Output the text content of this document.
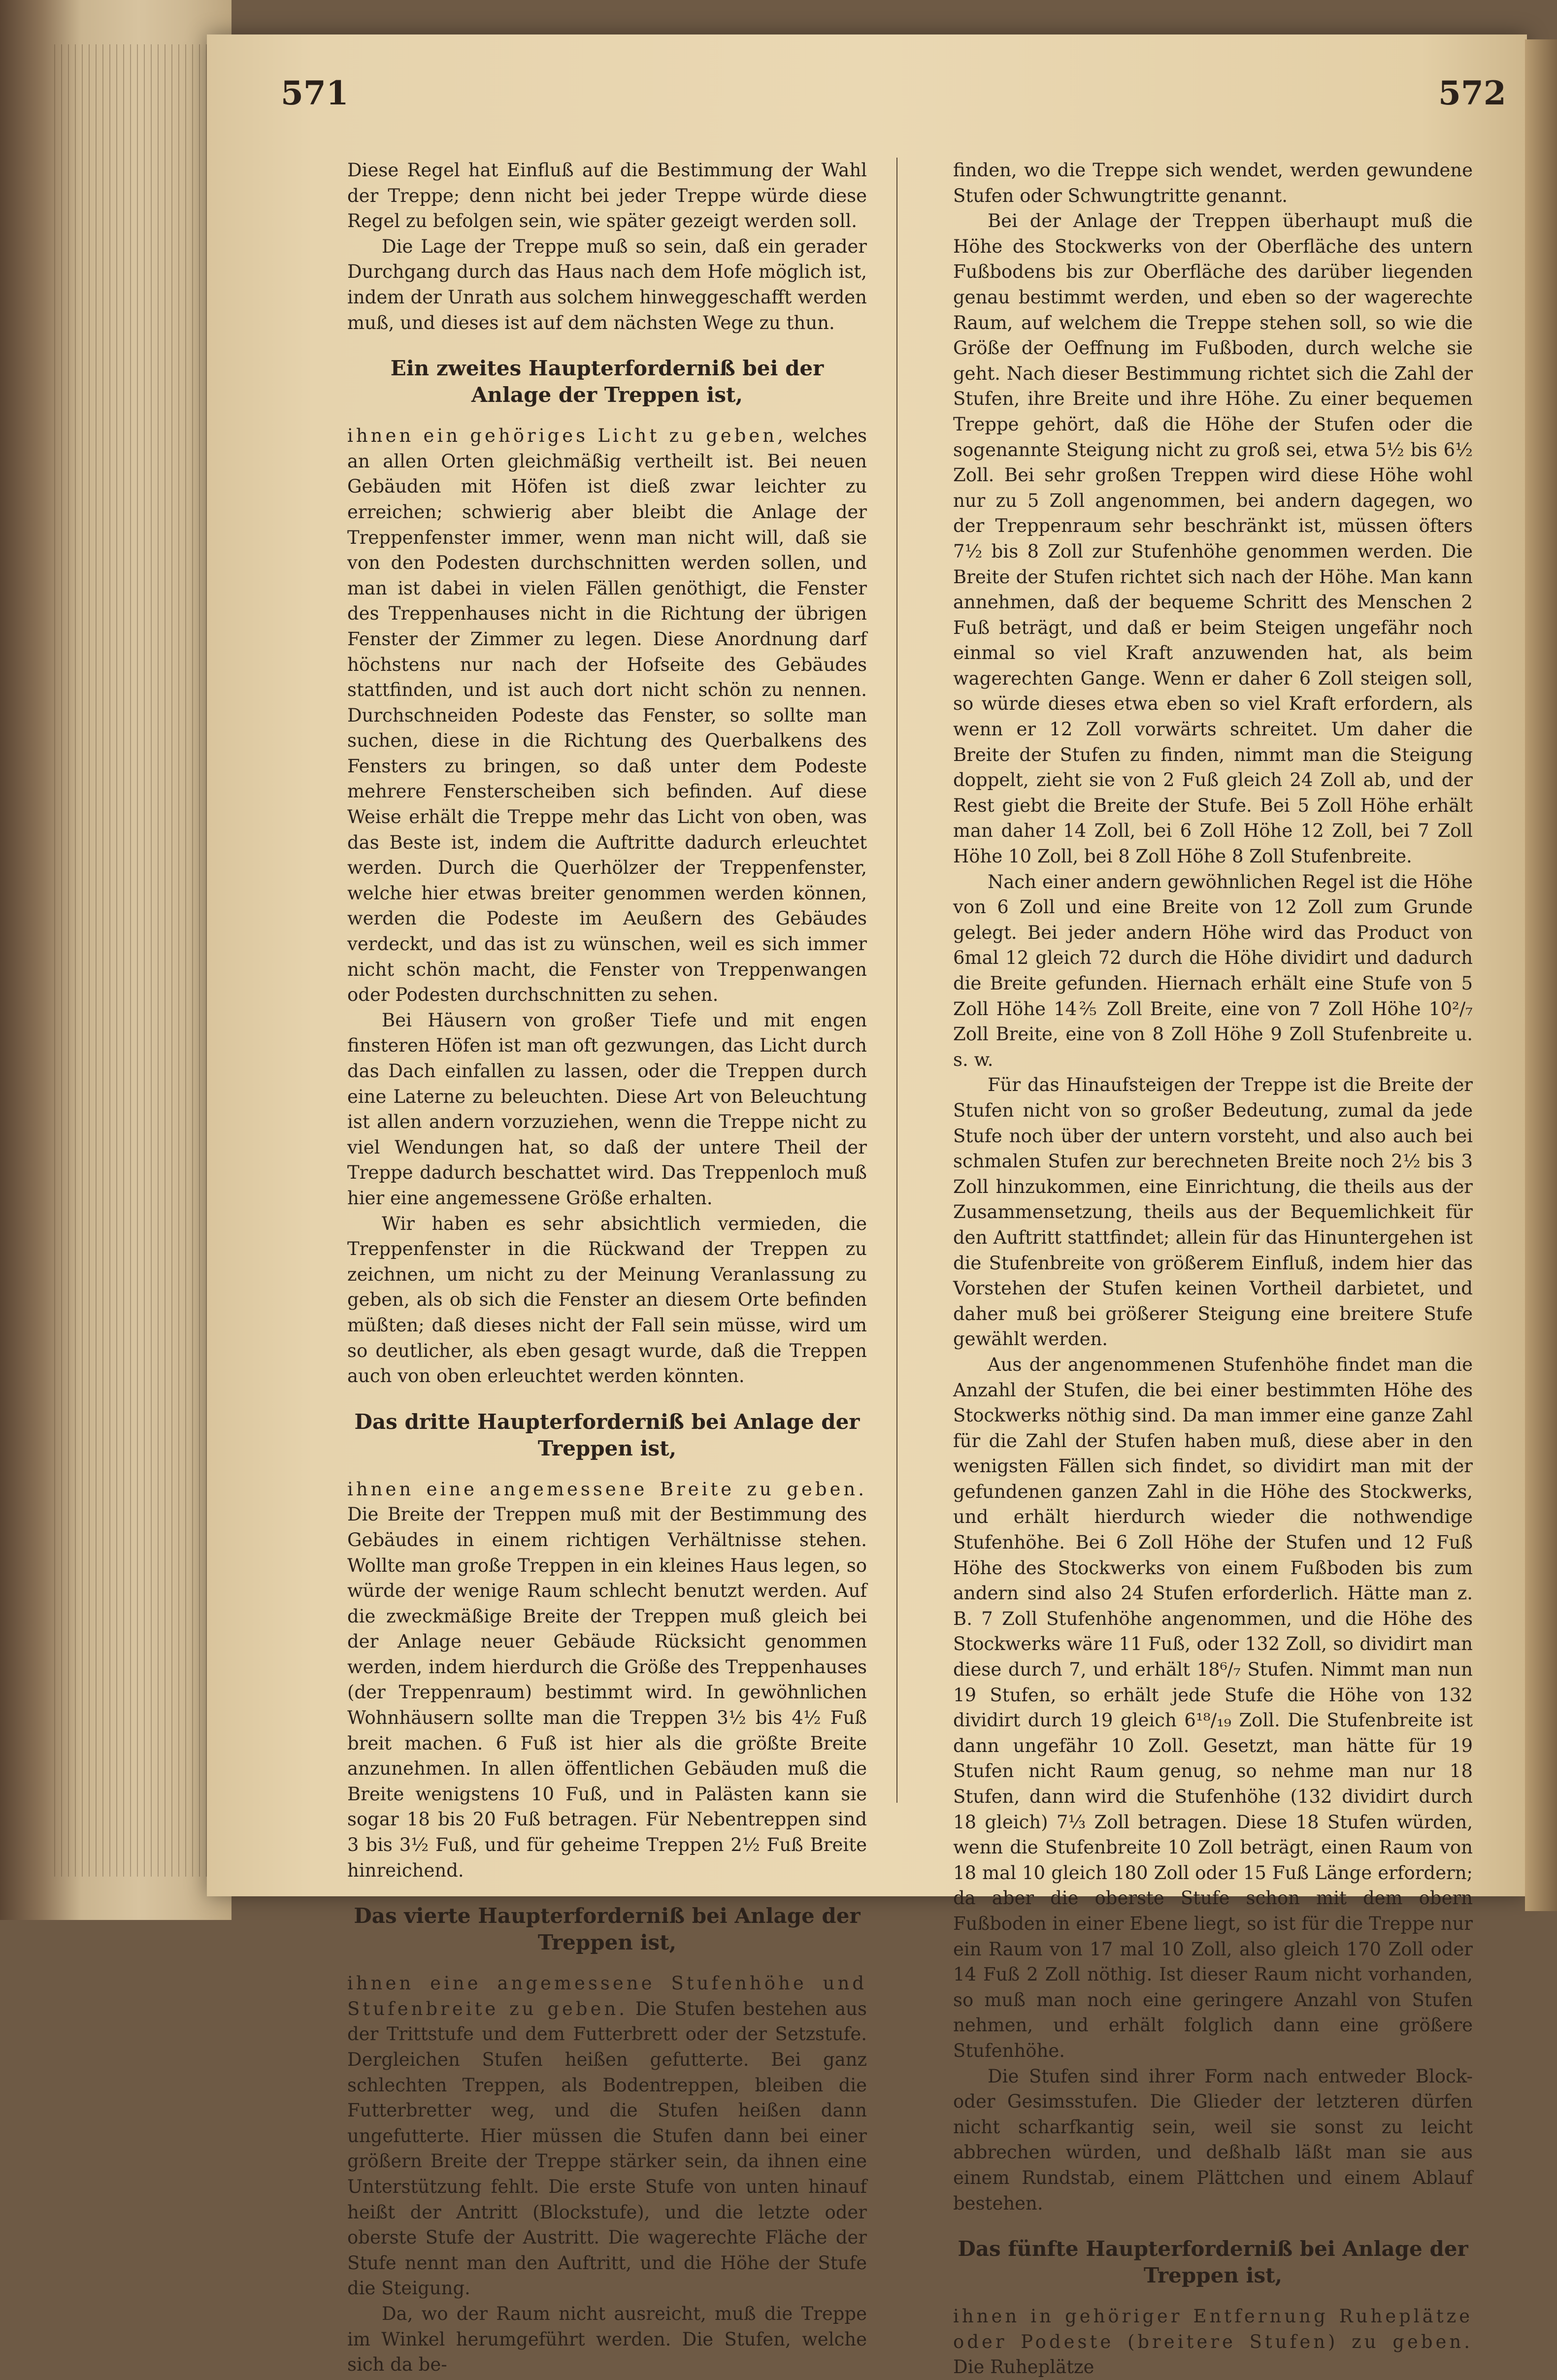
571	572

Diese Regel hat Einfluß auf die Bestimmung der Wahl der Treppe; denn nicht bei jeder Treppe würde diese Regel zu befolgen sein, wie später gezeigt werden soll.

Die Lage der Treppe muß so sein, daß ein gerader Durchgang durch das Haus nach dem Hofe möglich ist, indem der Unrath aus solchem hinweggeschafft werden muß, und dieses ist auf dem nächsten Wege zu thun.

Ein zweites Haupterforderniß bei der Anlage der Treppen ist,

ihnen ein gehöriges Licht zu geben, welches an allen Orten gleichmäßig vertheilt ist. Bei neuen Gebäuden mit Höfen ist dieß zwar leichter zu erreichen; schwierig aber bleibt die Anlage der Treppenfenster immer, wenn man nicht will, daß sie von den Podesten durchschnitten werden sollen, und man ist dabei in vielen Fällen genöthigt, die Fenster des Treppenhauses nicht in die Richtung der übrigen Fenster der Zimmer zu legen. Diese Anordnung darf höchstens nur nach der Hofseite des Gebäudes stattfinden, und ist auch dort nicht schön zu nennen. Durchschneiden Podeste das Fenster, so sollte man suchen, diese in die Richtung des Querbalkens des Fensters zu bringen, so daß unter dem Podeste mehrere Fensterscheiben sich befinden. Auf diese Weise erhält die Treppe mehr das Licht von oben, was das Beste ist, indem die Auftritte dadurch erleuchtet werden. Durch die Querhölzer der Treppenfenster, welche hier etwas breiter genommen werden können, werden die Podeste im Aeußern des Gebäudes verdeckt, und das ist zu wünschen, weil es sich immer nicht schön macht, die Fenster von Treppenwangen oder Podesten durchschnitten zu sehen.

Bei Häusern von großer Tiefe und mit engen finsteren Höfen ist man oft gezwungen, das Licht durch das Dach einfallen zu lassen, oder die Treppen durch eine Laterne zu beleuchten. Diese Art von Beleuchtung ist allen andern vorzuziehen, wenn die Treppe nicht zu viel Wendungen hat, so daß der untere Theil der Treppe dadurch beschattet wird. Das Treppenloch muß hier eine angemessene Größe erhalten.

Wir haben es sehr absichtlich vermieden, die Treppenfenster in die Rückwand der Treppen zu zeichnen, um nicht zu der Meinung Veranlassung zu geben, als ob sich die Fenster an diesem Orte befinden müßten; daß dieses nicht der Fall sein müsse, wird um so deutlicher, als eben gesagt wurde, daß die Treppen auch von oben erleuchtet werden könnten.

Das dritte Haupterforderniß bei Anlage der Treppen ist,

ihnen eine angemessene Breite zu geben. Die Breite der Treppen muß mit der Bestimmung des Gebäudes in einem richtigen Verhältnisse stehen. Wollte man große Treppen in ein kleines Haus legen, so würde der wenige Raum schlecht benutzt werden. Auf die zweckmäßige Breite der Treppen muß gleich bei der Anlage neuer Gebäude Rücksicht genommen werden, indem hierdurch die Größe des Treppenhauses (der Treppenraum) bestimmt wird. In gewöhnlichen Wohnhäusern sollte man die Treppen 3½ bis 4½ Fuß breit machen. 6 Fuß ist hier als die größte Breite anzunehmen. In allen öffentlichen Gebäuden muß die Breite wenigstens 10 Fuß, und in Palästen kann sie sogar 18 bis 20 Fuß betragen. Für Nebentreppen sind 3 bis 3½ Fuß, und für geheime Treppen 2½ Fuß Breite hinreichend.

Das vierte Haupterforderniß bei Anlage der Treppen ist,

ihnen eine angemessene Stufenhöhe und Stufenbreite zu geben. Die Stufen bestehen aus der Trittstufe und dem Futterbrett oder der Setzstufe. Dergleichen Stufen heißen gefutterte. Bei ganz schlechten Treppen, als Bodentreppen, bleiben die Futterbretter weg, und die Stufen heißen dann ungefutterte. Hier müssen die Stufen dann bei einer größern Breite der Treppe stärker sein, da ihnen eine Unterstützung fehlt. Die erste Stufe von unten hinauf heißt der Antritt (Blockstufe), und die letzte oder oberste Stufe der Austritt. Die wagerechte Fläche der Stufe nennt man den Auftritt, und die Höhe der Stufe die Steigung.

Da, wo der Raum nicht ausreicht, muß die Treppe im Winkel herumgeführt werden. Die Stufen, welche sich da be-

finden, wo die Treppe sich wendet, werden gewundene Stufen oder Schwungtritte genannt.

Bei der Anlage der Treppen überhaupt muß die Höhe des Stockwerks von der Oberfläche des untern Fußbodens bis zur Oberfläche des darüber liegenden genau bestimmt werden, und eben so der wagerechte Raum, auf welchem die Treppe stehen soll, so wie die Größe der Oeffnung im Fußboden, durch welche sie geht. Nach dieser Bestimmung richtet sich die Zahl der Stufen, ihre Breite und ihre Höhe. Zu einer bequemen Treppe gehört, daß die Höhe der Stufen oder die sogenannte Steigung nicht zu groß sei, etwa 5½ bis 6½ Zoll. Bei sehr großen Treppen wird diese Höhe wohl nur zu 5 Zoll angenommen, bei andern dagegen, wo der Treppenraum sehr beschränkt ist, müssen öfters 7½ bis 8 Zoll zur Stufenhöhe genommen werden. Die Breite der Stufen richtet sich nach der Höhe. Man kann annehmen, daß der bequeme Schritt des Menschen 2 Fuß beträgt, und daß er beim Steigen ungefähr noch einmal so viel Kraft anzuwenden hat, als beim wagerechten Gange. Wenn er daher 6 Zoll steigen soll, so würde dieses etwa eben so viel Kraft erfordern, als wenn er 12 Zoll vorwärts schreitet. Um daher die Breite der Stufen zu finden, nimmt man die Steigung doppelt, zieht sie von 2 Fuß gleich 24 Zoll ab, und der Rest giebt die Breite der Stufe. Bei 5 Zoll Höhe erhält man daher 14 Zoll, bei 6 Zoll Höhe 12 Zoll, bei 7 Zoll Höhe 10 Zoll, bei 8 Zoll Höhe 8 Zoll Stufenbreite.

Nach einer andern gewöhnlichen Regel ist die Höhe von 6 Zoll und eine Breite von 12 Zoll zum Grunde gelegt. Bei jeder andern Höhe wird das Product von 6mal 12 gleich 72 durch die Höhe dividirt und dadurch die Breite gefunden. Hiernach erhält eine Stufe von 5 Zoll Höhe 14⅖ Zoll Breite, eine von 7 Zoll Höhe 10²/₇ Zoll Breite, eine von 8 Zoll Höhe 9 Zoll Stufenbreite u. s. w.

Für das Hinaufsteigen der Treppe ist die Breite der Stufen nicht von so großer Bedeutung, zumal da jede Stufe noch über der untern vorsteht, und also auch bei schmalen Stufen zur berechneten Breite noch 2½ bis 3 Zoll hinzukommen, eine Einrichtung, die theils aus der Zusammensetzung, theils aus der Bequemlichkeit für den Auftritt stattfindet; allein für das Hinuntergehen ist die Stufenbreite von größerem Einfluß, indem hier das Vorstehen der Stufen keinen Vortheil darbietet, und daher muß bei größerer Steigung eine breitere Stufe gewählt werden.

Aus der angenommenen Stufenhöhe findet man die Anzahl der Stufen, die bei einer bestimmten Höhe des Stockwerks nöthig sind. Da man immer eine ganze Zahl für die Zahl der Stufen haben muß, diese aber in den wenigsten Fällen sich findet, so dividirt man mit der gefundenen ganzen Zahl in die Höhe des Stockwerks, und erhält hierdurch wieder die nothwendige Stufenhöhe. Bei 6 Zoll Höhe der Stufen und 12 Fuß Höhe des Stockwerks von einem Fußboden bis zum andern sind also 24 Stufen erforderlich. Hätte man z. B. 7 Zoll Stufenhöhe angenommen, und die Höhe des Stockwerks wäre 11 Fuß, oder 132 Zoll, so dividirt man diese durch 7, und erhält 18⁶/₇ Stufen. Nimmt man nun 19 Stufen, so erhält jede Stufe die Höhe von 132 dividirt durch 19 gleich 6¹⁸/₁₉ Zoll. Die Stufenbreite ist dann ungefähr 10 Zoll. Gesetzt, man hätte für 19 Stufen nicht Raum genug, so nehme man nur 18 Stufen, dann wird die Stufenhöhe (132 dividirt durch 18 gleich) 7⅓ Zoll betragen. Diese 18 Stufen würden, wenn die Stufenbreite 10 Zoll beträgt, einen Raum von 18 mal 10 gleich 180 Zoll oder 15 Fuß Länge erfordern; da aber die oberste Stufe schon mit dem obern Fußboden in einer Ebene liegt, so ist für die Treppe nur ein Raum von 17 mal 10 Zoll, also gleich 170 Zoll oder 14 Fuß 2 Zoll nöthig. Ist dieser Raum nicht vorhanden, so muß man noch eine geringere Anzahl von Stufen nehmen, und erhält folglich dann eine größere Stufenhöhe.

Die Stufen sind ihrer Form nach entweder Block- oder Gesimsstufen. Die Glieder der letzteren dürfen nicht scharfkantig sein, weil sie sonst zu leicht abbrechen würden, und deßhalb läßt man sie aus einem Rundstab, einem Plättchen und einem Ablauf bestehen.

Das fünfte Haupterforderniß bei Anlage der Treppen ist,

ihnen in gehöriger Entfernung Ruheplätze oder Podeste (breitere Stufen) zu geben. Die Ruheplätze
